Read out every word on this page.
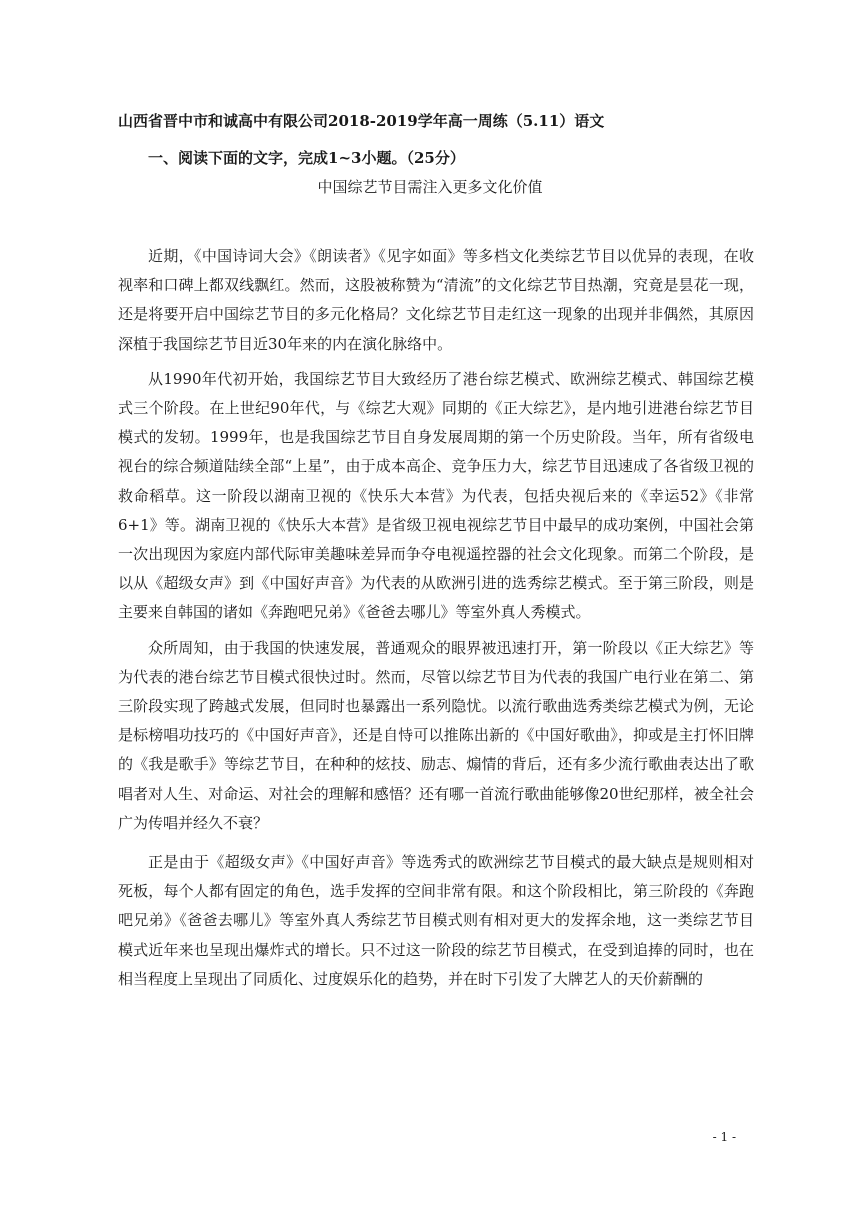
山西省晋中市和诚高中有限公司2018-2019学年高一周练（5.11）语文
一、阅读下面的文字，完成1~3小题。（25分）
中国综艺节目需注入更多文化价值

近期，《中国诗词大会》《朗读者》《见字如面》等多档文化类综艺节目以优异的表现，在收视率和口碑上都双线飘红。然而，这股被称赞为“清流”的文化综艺节目热潮，究竟是昙花一现，还是将要开启中国综艺节目的多元化格局？文化综艺节目走红这一现象的出现并非偶然，其原因深植于我国综艺节目近30年来的内在演化脉络中。

从1990年代初开始，我国综艺节目大致经历了港台综艺模式、欧洲综艺模式、韩国综艺模式三个阶段。在上世纪90年代，与《综艺大观》同期的《正大综艺》，是内地引进港台综艺节目模式的发轫。1999年，也是我国综艺节目自身发展周期的第一个历史阶段。当年，所有省级电视台的综合频道陆续全部“上星”，由于成本高企、竞争压力大，综艺节目迅速成了各省级卫视的救命稻草。这一阶段以湖南卫视的《快乐大本营》为代表，包括央视后来的《幸运52》《非常6+1》等。湖南卫视的《快乐大本营》是省级卫视电视综艺节目中最早的成功案例，中国社会第一次出现因为家庭内部代际审美趣味差异而争夺电视遥控器的社会文化现象。而第二个阶段，是以从《超级女声》到《中国好声音》为代表的从欧洲引进的选秀综艺模式。至于第三阶段，则是主要来自韩国的诸如《奔跑吧兄弟》《爸爸去哪儿》等室外真人秀模式。

众所周知，由于我国的快速发展，普通观众的眼界被迅速打开，第一阶段以《正大综艺》等为代表的港台综艺节目模式很快过时。然而，尽管以综艺节目为代表的我国广电行业在第二、第三阶段实现了跨越式发展，但同时也暴露出一系列隐忧。以流行歌曲选秀类综艺模式为例，无论是标榜唱功技巧的《中国好声音》，还是自恃可以推陈出新的《中国好歌曲》，抑或是主打怀旧牌的《我是歌手》等综艺节目，在种种的炫技、励志、煽情的背后，还有多少流行歌曲表达出了歌唱者对人生、对命运、对社会的理解和感悟？还有哪一首流行歌曲能够像20世纪那样，被全社会广为传唱并经久不衰？

正是由于《超级女声》《中国好声音》等选秀式的欧洲综艺节目模式的最大缺点是规则相对死板，每个人都有固定的角色，选手发挥的空间非常有限。和这个阶段相比，第三阶段的《奔跑吧兄弟》《爸爸去哪儿》等室外真人秀综艺节目模式则有相对更大的发挥余地，这一类综艺节目模式近年来也呈现出爆炸式的增长。只不过这一阶段的综艺节目模式，在受到追捧的同时，也在相当程度上呈现出了同质化、过度娱乐化的趋势，并在时下引发了大牌艺人的天价薪酬的

- 1 -
